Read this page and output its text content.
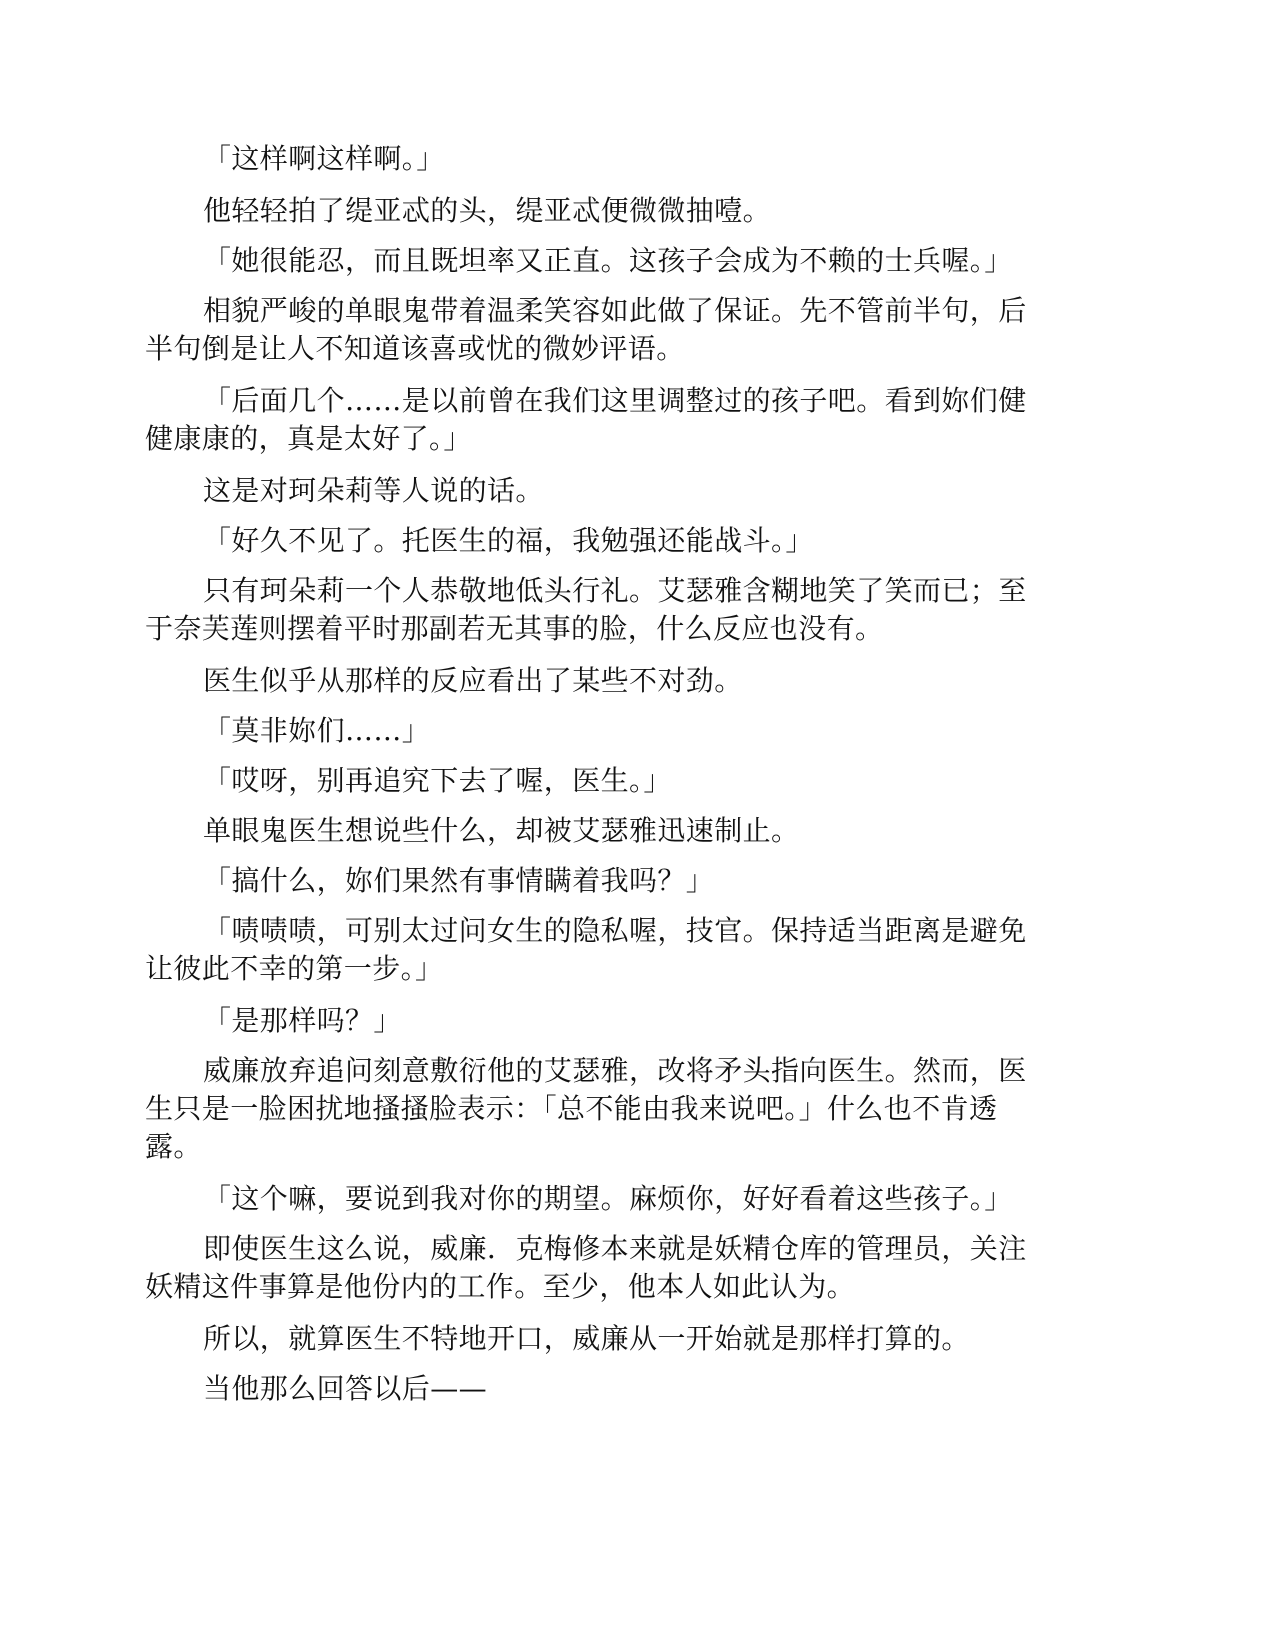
「这样啊这样啊。」
他轻轻拍了缇亚忒的头，缇亚忒便微微抽噎。
「她很能忍，而且既坦率又正直。这孩子会成为不赖的士兵喔。」
相貌严峻的单眼鬼带着温柔笑容如此做了保证。先不管前半句，后
半句倒是让人不知道该喜或忧的微妙评语。
「后面几个……是以前曾在我们这里调整过的孩子吧。看到妳们健
健康康的，真是太好了。」
这是对珂朵莉等人说的话。
「好久不见了。托医生的福，我勉强还能战斗。」
只有珂朵莉一个人恭敬地低头行礼。艾瑟雅含糊地笑了笑而已；至
于奈芙莲则摆着平时那副若无其事的脸，什么反应也没有。
医生似乎从那样的反应看出了某些不对劲。
「莫非妳们……」
「哎呀，别再追究下去了喔，医生。」
单眼鬼医生想说些什么，却被艾瑟雅迅速制止。
「搞什么，妳们果然有事情瞒着我吗？」
「啧啧啧，可别太过问女生的隐私喔，技官。保持适当距离是避免
让彼此不幸的第一步。」
「是那样吗？」
威廉放弃追问刻意敷衍他的艾瑟雅，改将矛头指向医生。然而，医
生只是一脸困扰地搔搔脸表示：「总不能由我来说吧。」什么也不肯透
露。
「这个嘛，要说到我对你的期望。麻烦你，好好看着这些孩子。」
即使医生这么说，威廉．克梅修本来就是妖精仓库的管理员，关注
妖精这件事算是他份内的工作。至少，他本人如此认为。
所以，就算医生不特地开口，威廉从一开始就是那样打算的。
当他那么回答以后——
